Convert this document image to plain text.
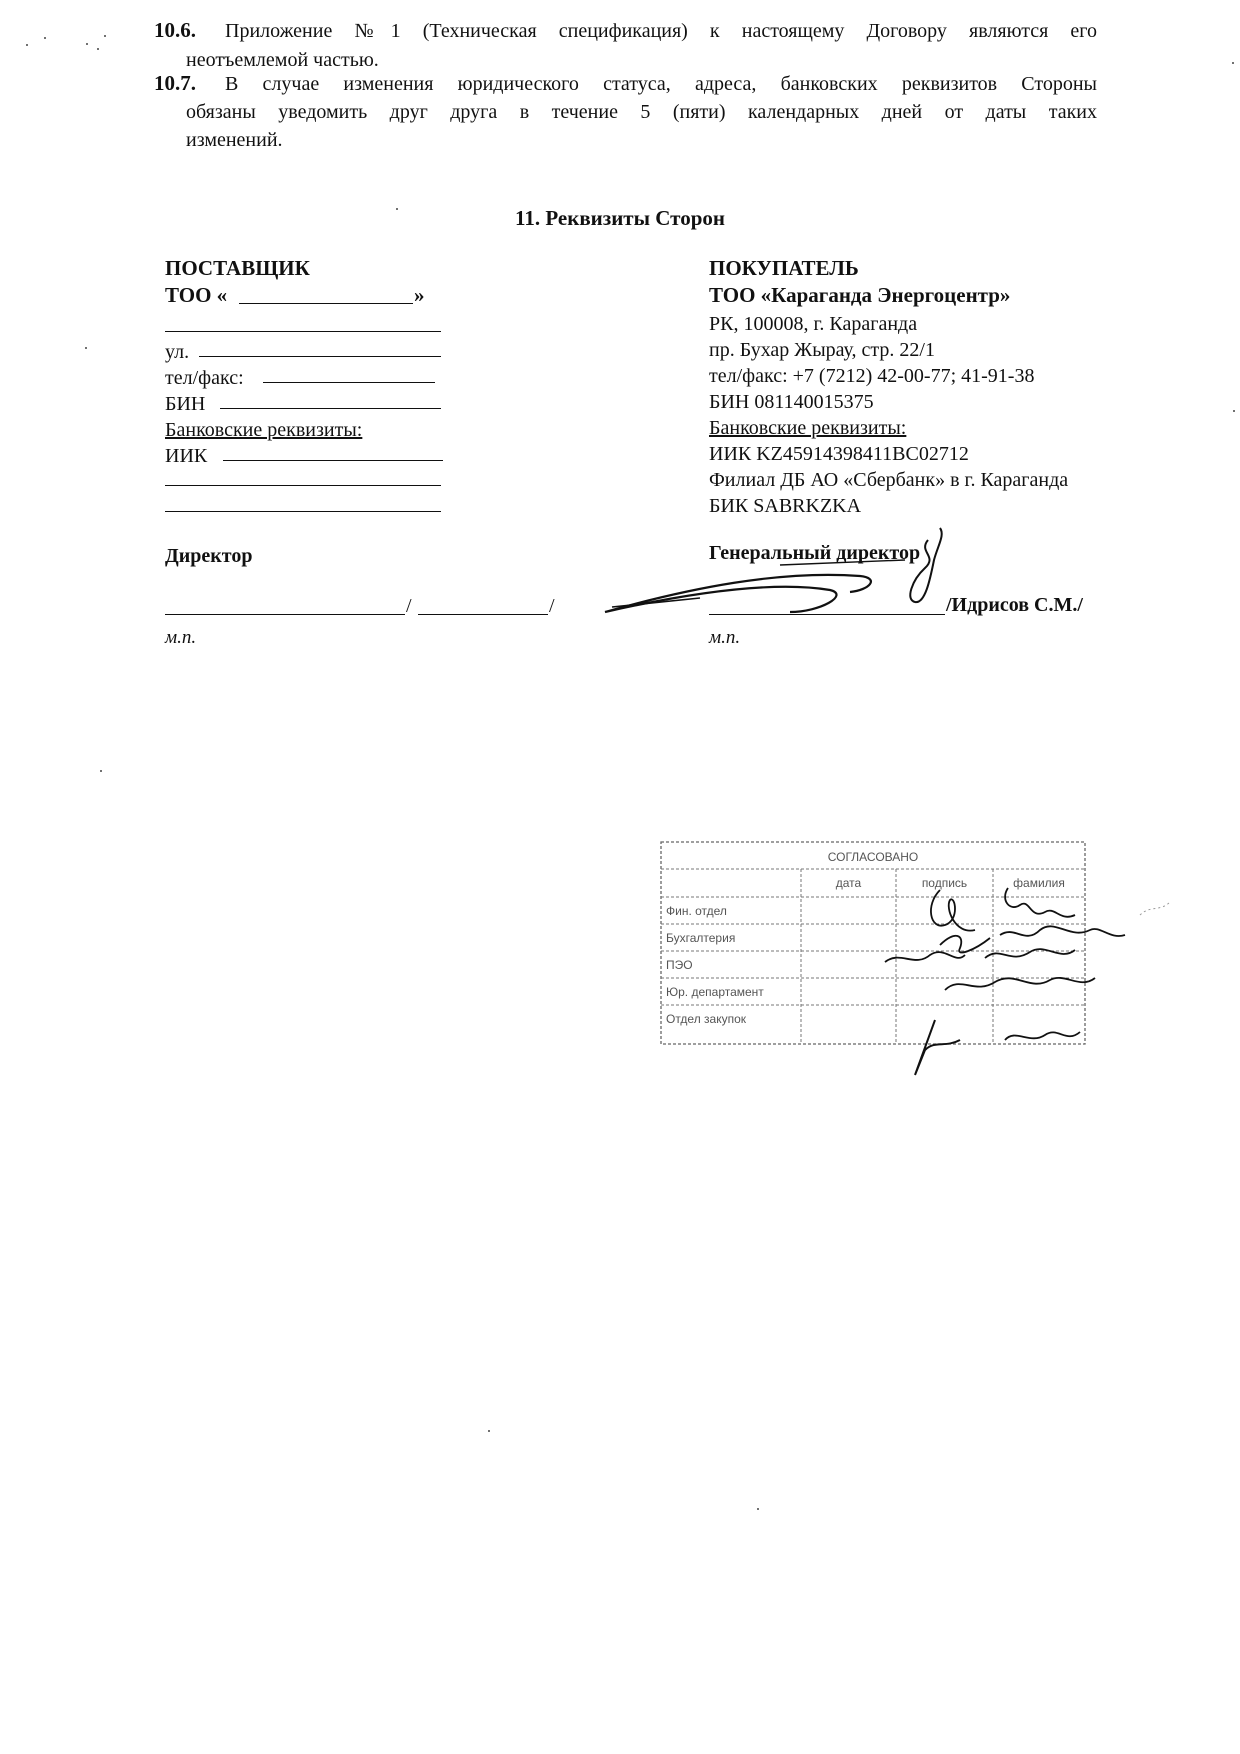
10.6. Приложение №1 (Техническая спецификация) к настоящему Договору являются его
неотъемлемой частью.
10.7. В случае изменения юридического статуса, адреса, банковских реквизитов Стороны
обязаны уведомить друг друга в течение 5 (пяти) календарных дней от даты таких
изменений.
11. Реквизиты Сторон
ПОСТАВЩИК
ТОО «	»
ул.
тел/факс:
БИН
Банковские реквизиты:
ИИК
Директор
/	/
м.п.
ПОКУПАТЕЛЬ
ТОО «Караганда Энергоцентр»
РК, 100008, г. Караганда
пр. Бухар Жырау, стр. 22/1
тел/факс: +7 (7212) 42-00-77; 41-91-38
БИН 081140015375
Банковские реквизиты:
ИИК KZ45914398411BC02712
Филиал ДБ АО «Сбербанк» в г. Караганда
БИК SABRKZKA
Генеральный директор
/Идрисов С.М./
м.п.
СОГЛАСОВАНО
дата	подпись	фамилия
Фин. отдел
Бухгалтерия
ПЭО
Юр. департамент
Отдел закупок
